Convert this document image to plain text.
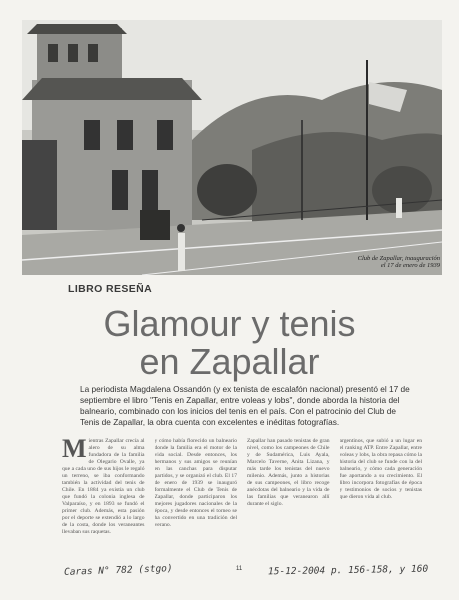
Club de Zapallar, inauguración
el 17 de enero de 1939
LIBRO RESEÑA
Glamour y tenis
en Zapallar
La periodista Magdalena Ossandón (y ex tenista de escalafón nacional) presentó el 17 de septiembre el libro "Tenis en Zapallar, entre voleas y lobs", donde aborda la historia del balneario, combinado con los inicios del tenis en el país. Con el patrocinio del Club de Tenis de Zapallar, la obra cuenta con excelentes e inéditas fotografías.
M ientras Zapallar crecía al alero de su alma fundadora de la familia de Olegario Ovalle, ya que a cada uno de sus hijos le regaló un terreno, se iba conformando también la actividad del tenis de Chile. En 1884 ya existía un club que fundó la colonia inglesa de Valparaíso, y en 1893 se fundó el primer club. Además, esta pasión por el deporte se extendió a lo largo de la costa, donde los veraneantes llevaban sus raquetas.
y cómo había florecido un balneario donde la familia era el motor de la vida social. Desde entonces, los hermanos y sus amigos se reunían en las canchas para disputar partidos, y se organizó el club. El 17 de enero de 1939 se inauguró formalmente el Club de Tenis de Zapallar, donde participaron los mejores jugadores nacionales de la época, y desde entonces el torneo se ha convertido en una tradición del verano.
Zapallar han pasado tenistas de gran nivel, como los campeones de Chile y de Sudamérica, Luis Ayala, Marcelo Taverne, Anita Lizana, y más tarde los tenistas del nuevo milenio. Además, junto a historias de sus campeones, el libro recoge anécdotas del balneario y la vida de las familias que veranearon allí durante el siglo.
argentinos, que subió a un lugar en el ranking ATP. Entre Zapallar, entre voleas y lobs, la obra repasa cómo la historia del club se funde con la del balneario, y cómo cada generación fue aportando a su crecimiento. El libro incorpora fotografías de época y testimonios de socios y tenistas que dieron vida al club.
11
Caras N° 782 (stgo)	15-12-2004 p. 156-158, y 160
